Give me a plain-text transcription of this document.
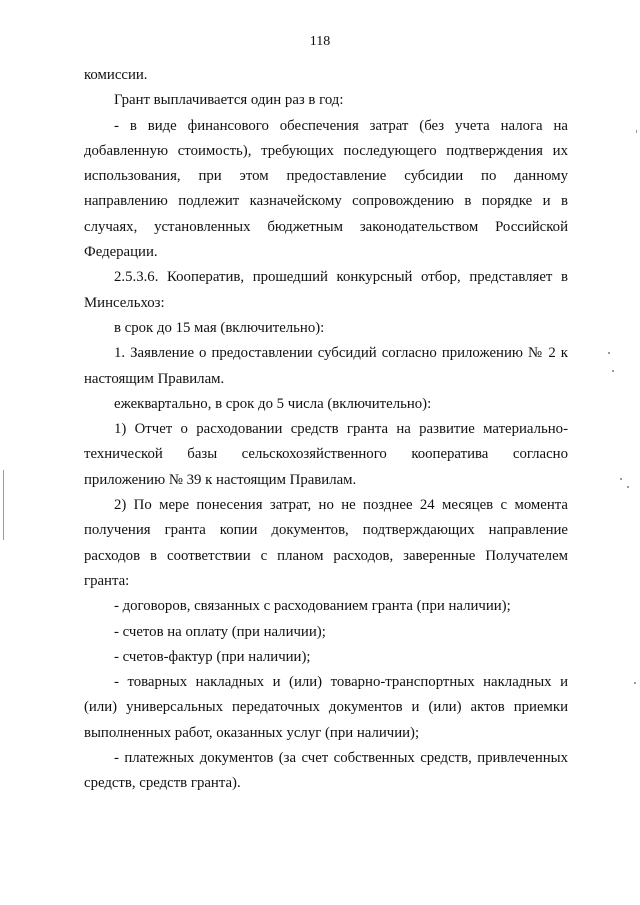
118

комиссии.

Грант выплачивается один раз в год:

- в виде финансового обеспечения затрат (без учета налога на добавленную стоимость), требующих последующего подтверждения их использования, при этом предоставление субсидии по данному направлению подлежит казначейскому сопровождению в порядке и в случаях, установленных бюджетным законодательством Российской Федерации.

2.5.3.6. Кооператив, прошедший конкурсный отбор, представляет в Минсельхоз:

в срок до 15 мая (включительно):

1. Заявление о предоставлении субсидий согласно приложению № 2 к настоящим Правилам.

ежеквартально, в срок до 5 числа (включительно):

1) Отчет о расходовании средств гранта на развитие материально-технической базы сельскохозяйственного кооператива согласно приложению № 39 к настоящим Правилам.

2) По мере понесения затрат, но не позднее 24 месяцев с момента получения гранта копии документов, подтверждающих направление расходов в соответствии с планом расходов, заверенные Получателем гранта:

- договоров, связанных с расходованием гранта (при наличии);

- счетов на оплату (при наличии);

- счетов-фактур (при наличии);

- товарных накладных и (или) товарно-транспортных накладных и (или) универсальных передаточных документов и (или) актов приемки выполненных работ, оказанных услуг (при наличии);

- платежных документов (за счет собственных средств, привлеченных средств, средств гранта).
